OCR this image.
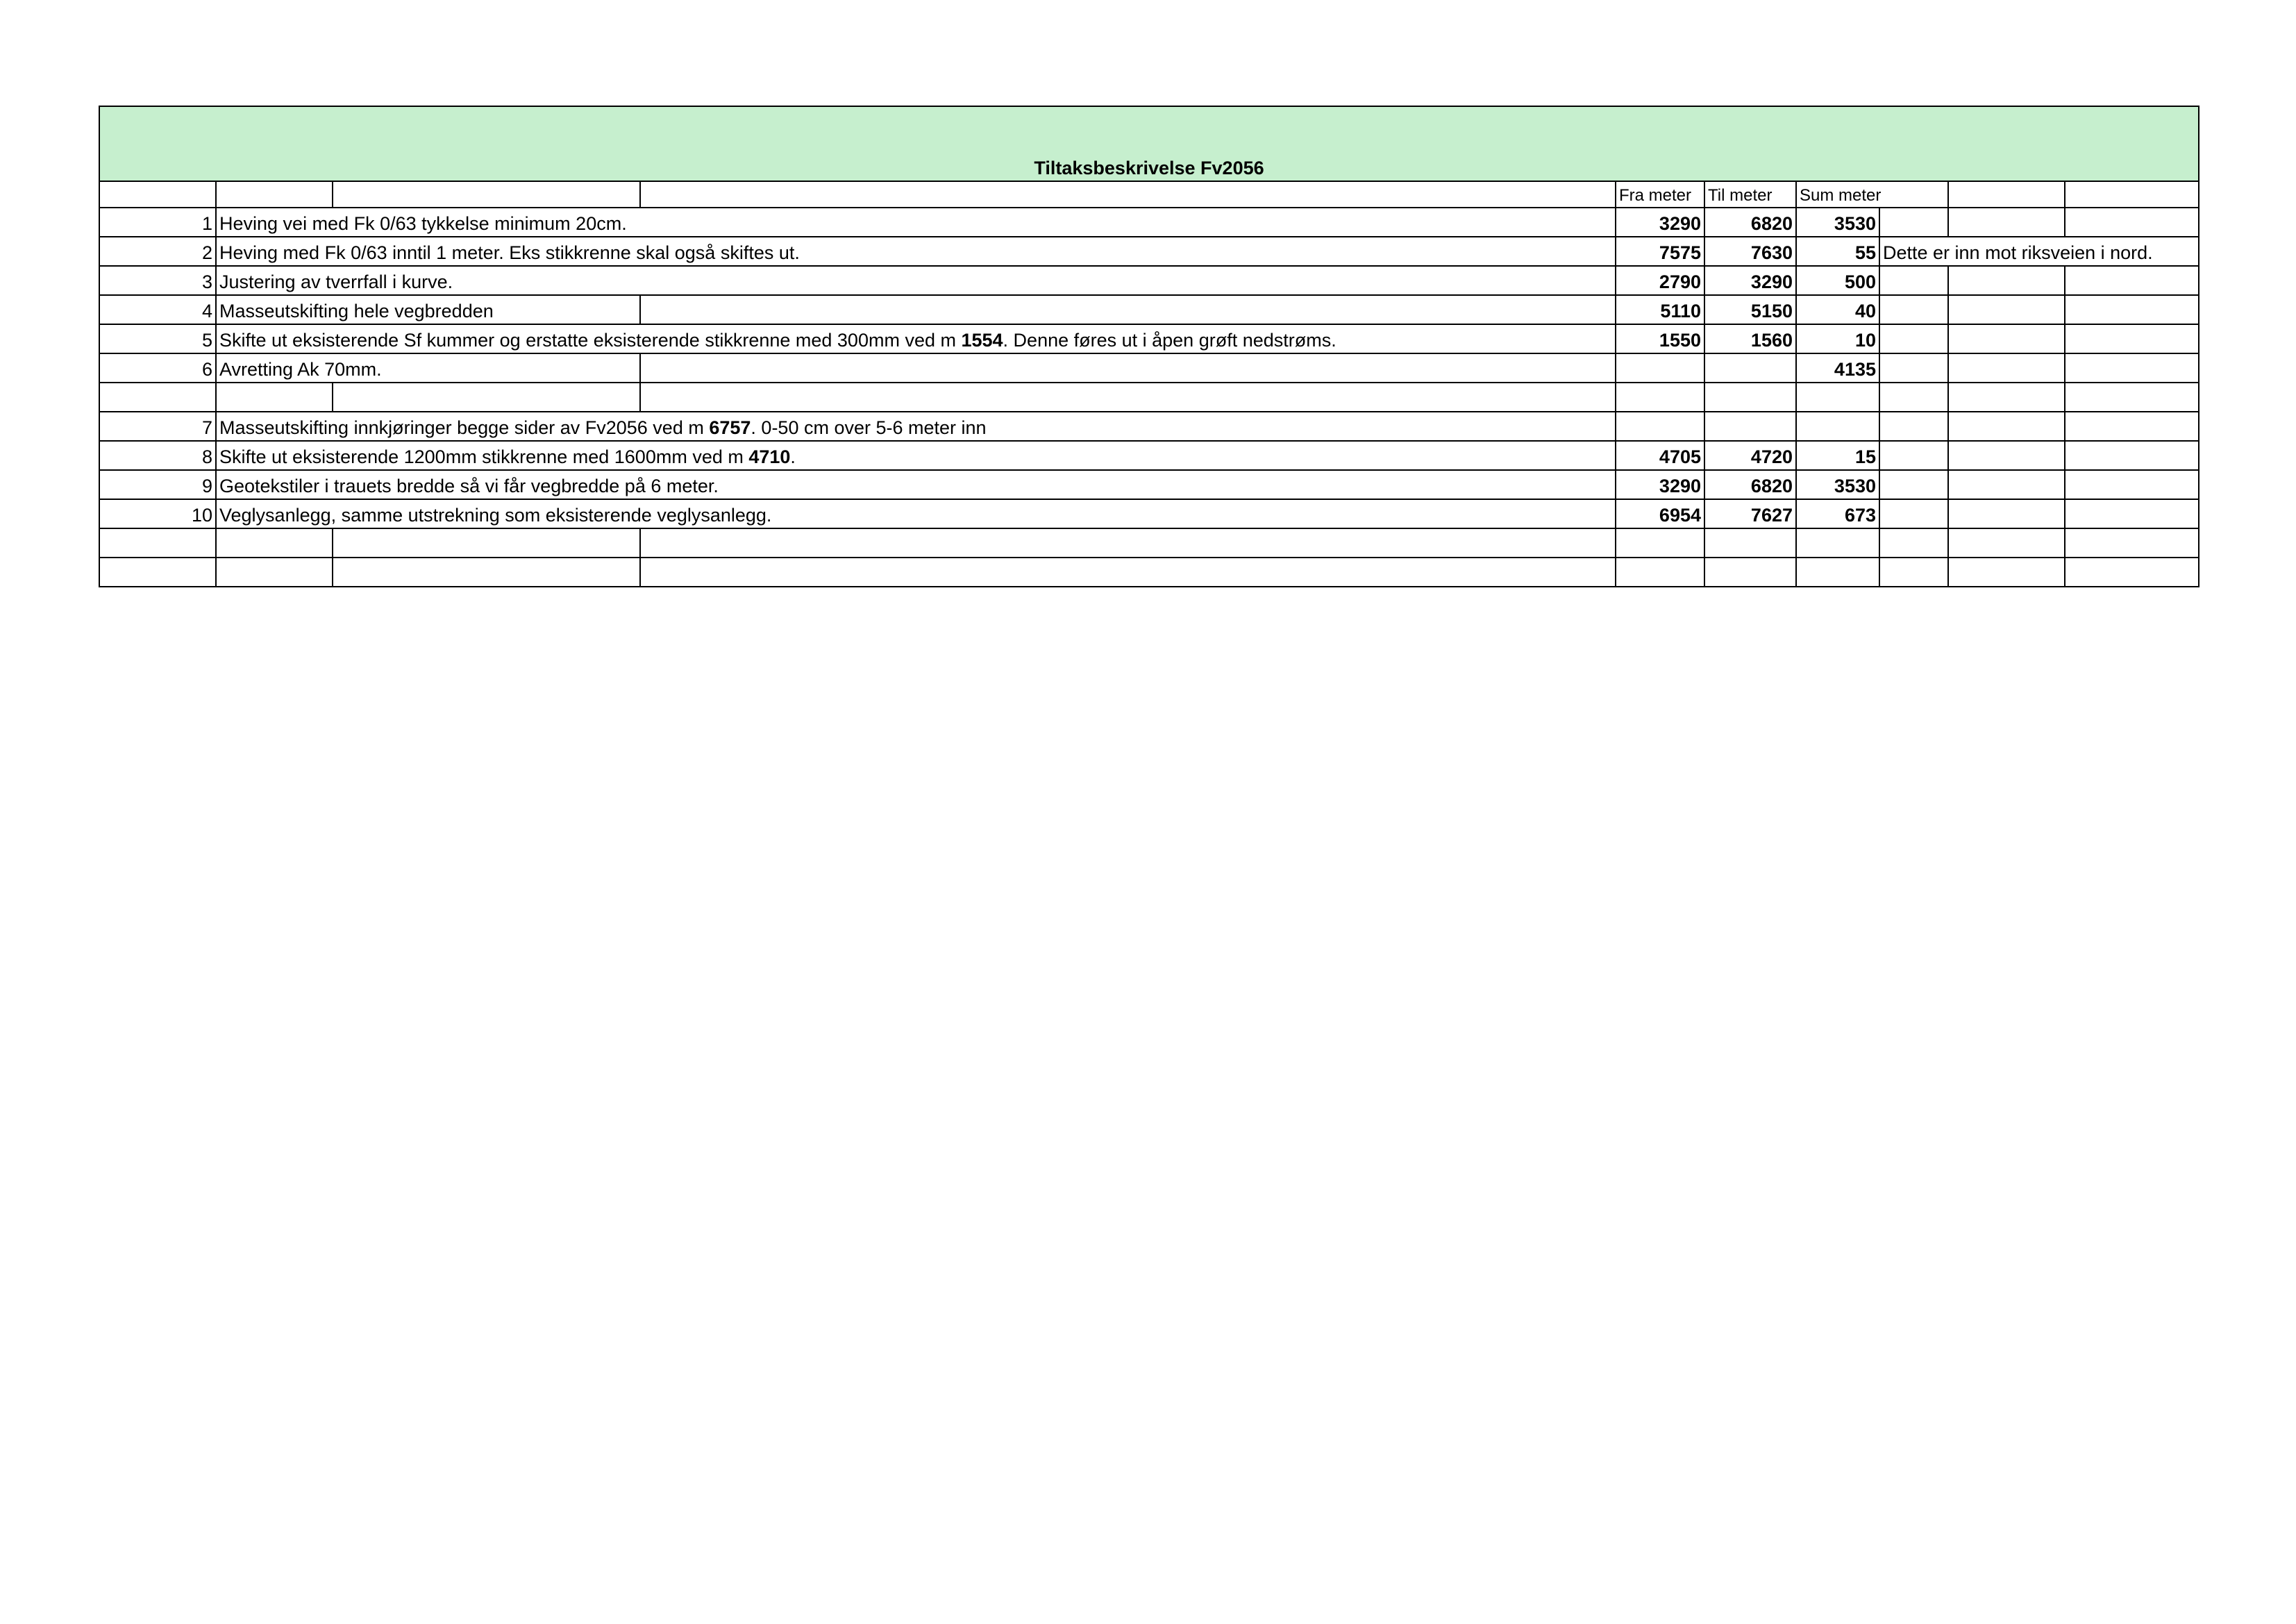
Tiltaksbeskrivelse Fv2056									
				Fra meter	Til meter	Sum meter			
1	Heving vei med Fk 0/63 tykkelse minimum 20cm.			3290	6820	3530			
2	Heving med Fk 0/63 inntil 1 meter. Eks stikkrenne skal også skiftes ut.			7575	7630	55	Dette er inn mot riksveien i nord.		
3	Justering av tverrfall i kurve.			2790	3290	500			
4	Masseutskifting hele vegbredden			5110	5150	40			
5	Skifte ut eksisterende Sf kummer og erstatte eksisterende stikkrenne med 300mm ved m 1554. Denne føres ut i åpen grøft nedstrøms.			1550	1560	10			
6	Avretting Ak 70mm.					4135			

7	Masseutskifting innkjøringer begge sider av Fv2056 ved m 6757. 0-50 cm over 5-6 meter inn								
8	Skifte ut eksisterende 1200mm stikkrenne med 1600mm ved m 4710.			4705	4720	15			
9	Geotekstiler i trauets bredde så vi får vegbredde på 6 meter.			3290	6820	3530			
10	Veglysanlegg, samme utstrekning som eksisterende veglysanlegg.			6954	7627	673			
